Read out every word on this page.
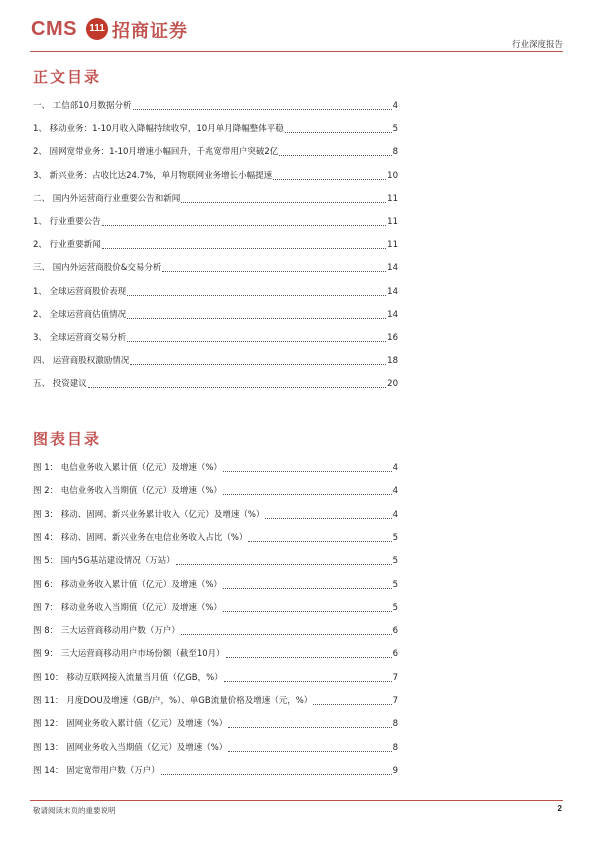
CMS	111 招商证券
行业深度报告
正文目录
一、 工信部10月数据分析	4
1、 移动业务：1-10月收入降幅持续收窄，10月单月降幅整体平稳	5
2、 固网宽带业务：1-10月增速小幅回升，千兆宽带用户突破2亿	8
3、 新兴业务：占收比达24.7%，单月物联网业务增长小幅提速	10
二、 国内外运营商行业重要公告和新闻	11
1、 行业重要公告	11
2、 行业重要新闻	11
三、 国内外运营商股价&交易分析	14
1、 全球运营商股价表现	14
2、 全球运营商估值情况	14
3、 全球运营商交易分析	16
四、 运营商股权激励情况	18
五、 投资建议	20
图表目录
图 1： 电信业务收入累计值（亿元）及增速（%）	4
图 2： 电信业务收入当期值（亿元）及增速（%）	4
图 3： 移动、固网、新兴业务累计收入（亿元）及增速（%）	4
图 4： 移动、固网、新兴业务在电信业务收入占比（%）	5
图 5： 国内5G基站建设情况（万站）	5
图 6： 移动业务收入累计值（亿元）及增速（%）	5
图 7： 移动业务收入当期值（亿元）及增速（%）	5
图 8： 三大运营商移动用户数（万户）	6
图 9： 三大运营商移动用户市场份额（截至10月）	6
图 10： 移动互联网接入流量当月值（亿GB，%）	7
图 11： 月度DOU及增速（GB/户，%）、单GB流量价格及增速（元，%）	7
图 12： 固网业务收入累计值（亿元）及增速（%）	8
图 13： 固网业务收入当期值（亿元）及增速（%）	8
图 14： 固定宽带用户数（万户）	9
敬请阅读末页的重要说明	2
